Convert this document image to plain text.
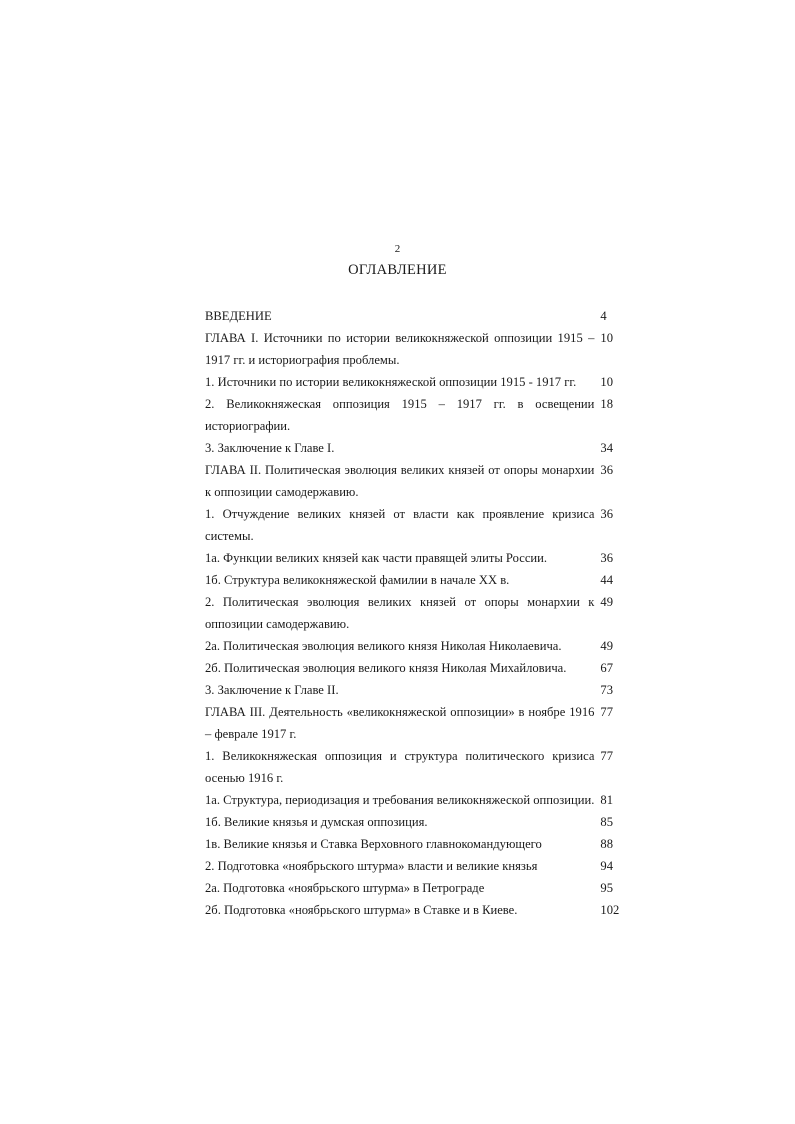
2
ОГЛАВЛЕНИЕ
ВВЕДЕНИЕ	4
ГЛАВА I. Источники по истории великокняжеской оппозиции 1915 – 1917 гг. и историография проблемы.
10
1. Источники по истории великокняжеской оппозиции 1915 - 1917 гг.	10
2. Великокняжеская оппозиция 1915 – 1917 гг. в освещении историографии.
18
3. Заключение к Главе I.	34
ГЛАВА II. Политическая эволюция великих князей от опоры монархии к оппозиции самодержавию.
36
1. Отчуждение великих князей от власти как проявление кризиса системы.
36
1а. Функции великих князей как части правящей элиты России.	36
1б. Структура великокняжеской фамилии в начале XX в.	44
2. Политическая эволюция великих князей от опоры монархии к оппозиции самодержавию.
49
2а. Политическая эволюция великого князя Николая Николаевича.	49
2б. Политическая эволюция великого князя Николая Михайловича.	67
3. Заключение к Главе II.	73
ГЛАВА III. Деятельность «великокняжеской оппозиции» в ноябре 1916 – феврале 1917 г.
77
1. Великокняжеская оппозиция и структура политического кризиса осенью 1916 г.
77
1а. Структура, периодизация и требования великокняжеской оппозиции. 81
1б. Великие князья и думская оппозиция.	85
1в. Великие князья и Ставка Верховного главнокомандующего	88
2. Подготовка «ноябрьского штурма» власти и великие князья	94
2а. Подготовка «ноябрьского штурма» в Петрограде	95
2б. Подготовка «ноябрьского штурма» в Ставке и в Киеве.	102
